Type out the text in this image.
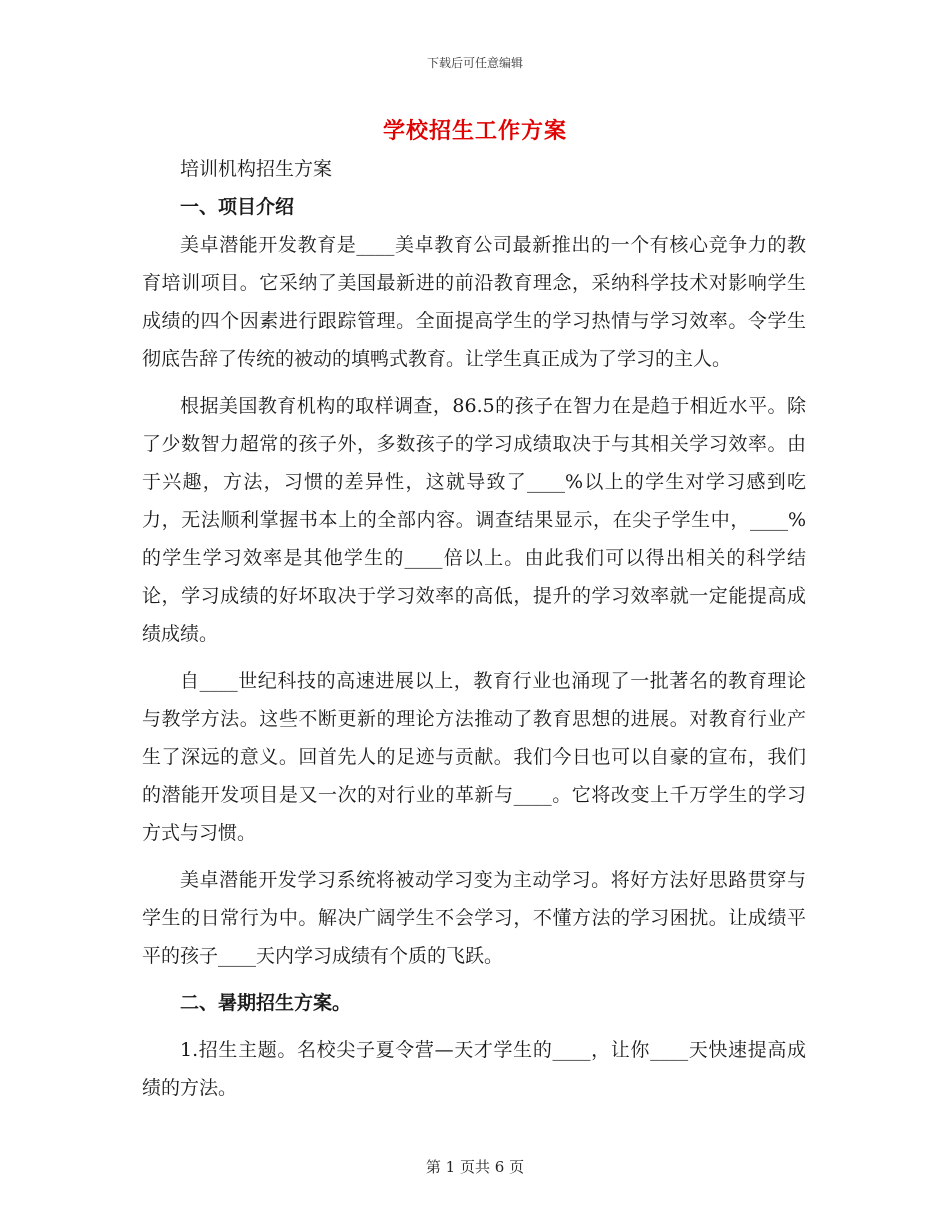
下载后可任意编辑
学校招生工作方案

培训机构招生方案

一、项目介绍

美卓潜能开发教育是____美卓教育公司最新推出的一个有核心竞争力的教育培训项目。它采纳了美国最新进的前沿教育理念，采纳科学技术对影响学生成绩的四个因素进行跟踪管理。全面提高学生的学习热情与学习效率。令学生彻底告辞了传统的被动的填鸭式教育。让学生真正成为了学习的主人。

根据美国教育机构的取样调查，86.5的孩子在智力在是趋于相近水平。除了少数智力超常的孩子外，多数孩子的学习成绩取决于与其相关学习效率。由于兴趣，方法，习惯的差异性，这就导致了____%以上的学生对学习感到吃力，无法顺利掌握书本上的全部内容。调查结果显示，在尖子学生中，____%的学生学习效率是其他学生的____倍以上。由此我们可以得出相关的科学结论，学习成绩的好坏取决于学习效率的高低，提升的学习效率就一定能提高成绩成绩。

自____世纪科技的高速进展以上，教育行业也涌现了一批著名的教育理论与教学方法。这些不断更新的理论方法推动了教育思想的进展。对教育行业产生了深远的意义。回首先人的足迹与贡献。我们今日也可以自豪的宣布，我们的潜能开发项目是又一次的对行业的革新与____。它将改变上千万学生的学习方式与习惯。

美卓潜能开发学习系统将被动学习变为主动学习。将好方法好思路贯穿与学生的日常行为中。解决广阔学生不会学习，不懂方法的学习困扰。让成绩平平的孩子____天内学习成绩有个质的飞跃。

二、暑期招生方案。

1.招生主题。名校尖子夏令营—天才学生的____，让你____天快速提高成绩的方法。

第 1 页共 6 页
